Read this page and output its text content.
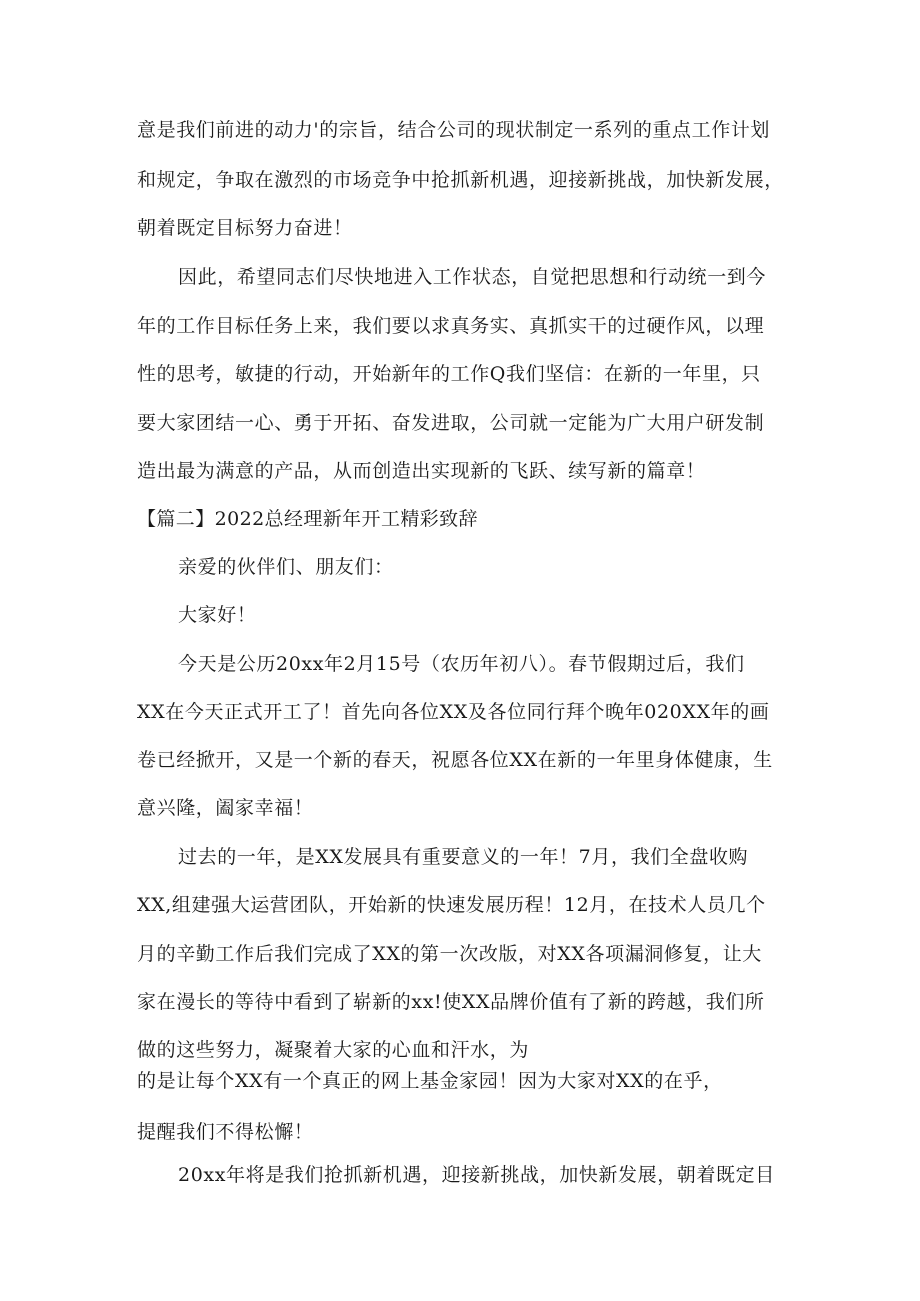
意是我们前进的动力'的宗旨，结合公司的现状制定一系列的重点工作计划
和规定，争取在激烈的市场竞争中抢抓新机遇，迎接新挑战，加快新发展，
朝着既定目标努力奋进！
因此，希望同志们尽快地进入工作状态，自觉把思想和行动统一到今
年的工作目标任务上来，我们要以求真务实、真抓实干的过硬作风，以理
性的思考，敏捷的行动，开始新年的工作Q我们坚信：在新的一年里，只
要大家团结一心、勇于开拓、奋发进取，公司就一定能为广大用户研发制
造出最为满意的产品，从而创造出实现新的飞跃、续写新的篇章！
【篇二】2022总经理新年开工精彩致辞
亲爱的伙伴们、朋友们：
大家好！
今天是公历20xx年2月15号（农历年初八）。春节假期过后，我们
XX在今天正式开工了！首先向各位XX及各位同行拜个晚年020XX年的画
卷已经掀开，又是一个新的春天，祝愿各位XX在新的一年里身体健康，生
意兴隆，阖家幸福！
过去的一年，是XX发展具有重要意义的一年！7月，我们全盘收购
XX,组建强大运营团队，开始新的快速发展历程！12月，在技术人员几个
月的辛勤工作后我们完成了XX的第一次改版，对XX各项漏洞修复，让大
家在漫长的等待中看到了崭新的xx!使XX品牌价值有了新的跨越，我们所
做的这些努力，凝聚着大家的心血和汗水，为
的是让每个XX有一个真正的网上基金家园！因为大家对XX的在乎，
提醒我们不得松懈！
20xx年将是我们抢抓新机遇，迎接新挑战，加快新发展，朝着既定目
